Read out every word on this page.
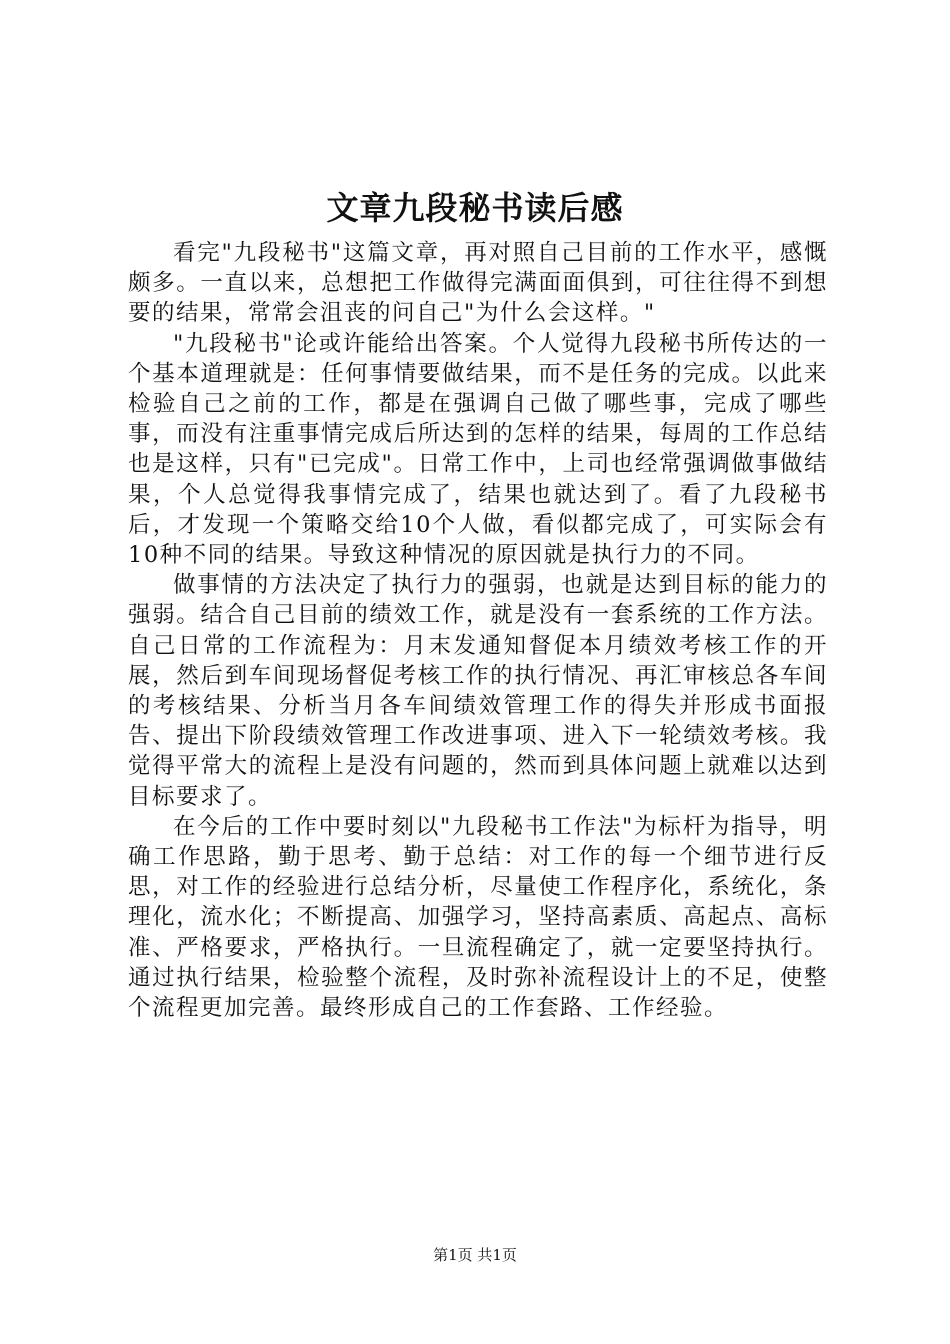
文章九段秘书读后感

看完"九段秘书"这篇文章，再对照自己目前的工作水平，感慨颇多。一直以来，总想把工作做得完满面面俱到，可往往得不到想要的结果，常常会沮丧的问自己"为什么会这样。"

"九段秘书"论或许能给出答案。个人觉得九段秘书所传达的一个基本道理就是：任何事情要做结果，而不是任务的完成。以此来检验自己之前的工作，都是在强调自己做了哪些事，完成了哪些事，而没有注重事情完成后所达到的怎样的结果，每周的工作总结也是这样，只有"已完成"。日常工作中，上司也经常强调做事做结果，个人总觉得我事情完成了，结果也就达到了。看了九段秘书后，才发现一个策略交给10个人做，看似都完成了，可实际会有10种不同的结果。导致这种情况的原因就是执行力的不同。

做事情的方法决定了执行力的强弱，也就是达到目标的能力的强弱。结合自己目前的绩效工作，就是没有一套系统的工作方法。自己日常的工作流程为：月末发通知督促本月绩效考核工作的开展，然后到车间现场督促考核工作的执行情况、再汇审核总各车间的考核结果、分析当月各车间绩效管理工作的得失并形成书面报告、提出下阶段绩效管理工作改进事项、进入下一轮绩效考核。我觉得平常大的流程上是没有问题的，然而到具体问题上就难以达到目标要求了。

在今后的工作中要时刻以"九段秘书工作法"为标杆为指导，明确工作思路，勤于思考、勤于总结：对工作的每一个细节进行反思，对工作的经验进行总结分析，尽量使工作程序化，系统化，条理化，流水化；不断提高、加强学习，坚持高素质、高起点、高标准、严格要求，严格执行。一旦流程确定了，就一定要坚持执行。通过执行结果，检验整个流程，及时弥补流程设计上的不足，使整个流程更加完善。最终形成自己的工作套路、工作经验。

第1页 共1页
